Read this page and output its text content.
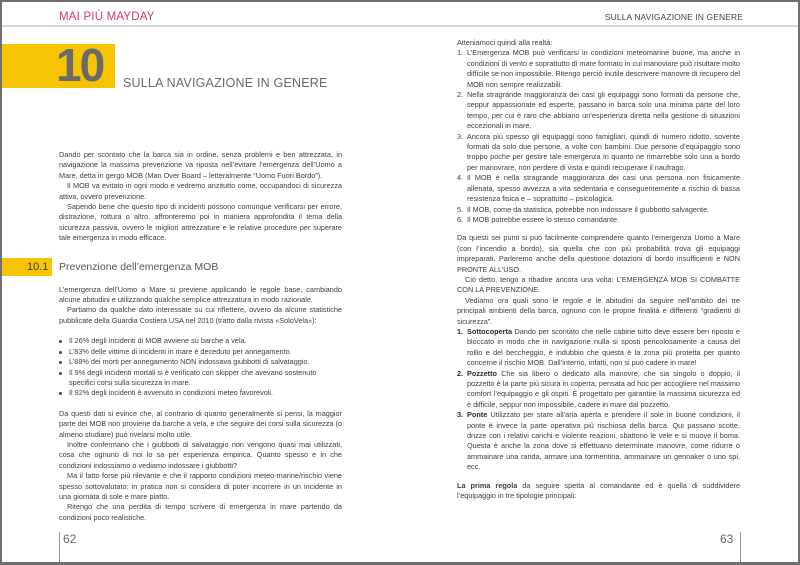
MAI PIÙ MAYDAY	SULLA NAVIGAZIONE IN GENERE
10	SULLA NAVIGAZIONE IN GENERE
Dando per scontato che la barca sia in ordine, senza problemi e ben attrezzata, in navigazione la massima prevenzione va riposta nell’evitare l’emergenza dell’Uomo a Mare, detta in gergo MOB (Man Over Board – letteralmente “Uomo Fuori Bordo”).
Il MOB va evitato in ogni modo e vedremo anzitutto come, occupandoci di sicurezza attiva, ovvero prevenzione.
Sapendo bene che questo tipo di incidenti possono comunque verificarsi per errore, distrazione, rottura o altro, affronteremo poi in maniera approfondita il tema della sicurezza passiva, ovvero le migliori attrezzature e le relative procedure per superare tale emergenza in modo efficace.
10.1 Prevenzione dell’emergenza MOB
L’emergenza dell’Uomo a Mare si previene applicando le regole base, cambiando alcune abitudini e utilizzando qualche semplice attrezzatura in modo razionale.
Partiamo da qualche dato interessate su cui riflettere, ovvero da alcune statistiche pubblicate della Guardia Costiera USA nel 2010 (tratto dalla rivista «SoloVela»):
Il 26% degli incidenti di MOB avviene su barche a vela.
L’83% delle vittime di incidenti in mare è deceduto per annegamento.
L’88% dei morti per annegamento NON indossava giubbotti di salvataggio.
Il 9% degli incidenti mortali si è verificato con skipper che avevano sostenuto specifici corsi sulla sicurezza in mare.
Il 92% degli incidenti è avvenuto in condizioni meteo favorevoli.
Da questi dati si evince che, al contrario di quanto generalmente si pensi, la maggior parte dei MOB non proviene da barche a vela, e che seguire dei corsi sulla sicurezza (o almeno studiare) può rivelarsi molto utile.
Inoltre confermano che i giubbotti di salvataggio non vengono quasi mai utilizzati, cosa che ognuno di noi lo sa per esperienza empirica. Quanto spesso e in che condizioni indossiamo o vediamo indossare i giubbotti?
Ma il fatto forse più rilevante è che il rapporto condizioni meteo-marine/rischio viene spesso sottovalutato: in pratica non si considera di poter incorrere in un incidente in una giornata di sole e mare piatto.
Ritengo che una perdita di tempo scrivere di emergenza in mare partendo da condizioni poco realistiche.
62
Atteniamoci quindi alla realtà:
1. L’Emergenza MOB può verificarsi in condizioni meteomarine buone, ma anche in condizioni di vento e soprattutto di mare formato in cui manoviare può risultare molto difficile se non impossibile. Ritengo perciò inutile descrivere manovre di recupero del MOB non sempre realizzabili.
2. Nella stragrande maggioranza dei casi gli equipaggi sono formati da persone che, seppur appassionate ed esperte, passano in barca solo una minima parte del loro tempo, per cui è raro che abbiano un’esperienza diretta nella gestione di situazioni eccezionali in mare.
3. Ancora più spesso gli equipaggi sono famigliari, quindi di numero ridotto, sovente formati da solo due persone, a volte con bambini. Due persone d’equipaggio sono troppo poche per gestire tale emergenza in quanto ne rimarrebbe solo una a bordo per manovrare, non perdere di vista e quindi recuperare il naufrago.
4. Il MOB è nella stragrande maggioranza dei casi una persona non fisicamente allenata, spesso avvezza a vita sedentaria e conseguentemente a rischio di bassa resistenza fisica e – soprattutto – psicologica.
5. Il MOB, come da statistica, potrebbe non indossare il giubbotto salvagente.
6. Il MOB potrebbe essere lo stesso comandante.
Da questi sei punti si può facilmente comprendere quanto l’emergenza Uomo a Mare (con l’incendio a bordo), sia quella che con più probabilità trova gli equipaggi impreparati. Parleremo anche della questione dotazioni di bordo insufficienti e NON PRONTE ALL’USO.
Ciò detto, tengo a ribadire ancora una volta: L’EMERGENZA MOB SI COMBATTE CON LA PREVENZIONE.
Vediamo ora quali sono le regole e le abitudini da seguire nell’ambito dei tre principali ambienti della barca, ognuno con le proprie finalità e differenti “gradienti di sicurezza”.
1. Sottocoperta Dando per scontato che nelle cabine tutto deve essere ben riposto e bloccato in modo che in navigazione nulla si sposti pericolosamente a causa del rollio e del beccheggio, è indubbio che questa è la zona più protetta per quanto concerne il rischio MOB. Dall’interno, infatti, non si può cadere in mare!
2. Pozzetto Che sia libero o dedicato alla manovre, che sia singolo o doppio, il pozzetto è la parte più sicura in coperta, pensata ad hoc per accogliere nel massimo comfort l’equipaggio e gli ospiti. È progettato per garantire la massima sicurezza ed è difficile, seppur non impossibile, cadere in mare dal pozzetto.
3. Ponte Utilizzato per stare all’aria aperta e prendere il sole in buone condizioni, il ponte è invece la parte operativa più rischiosa della barca. Qui passano scotte, drizze con i relativi carichi e violente reazioni, sbattono le vele e si muove il boma. Questa è anche la zona dove si effettuano determinate manovre, come ridurre o ammainare una randa, armare una tormentina, ammainare un gennaker o uno spi, ecc.
La prima regola da seguire spetta al comandante ed è quella di suddividere l’equipaggio in tre tipologie principali:
63
